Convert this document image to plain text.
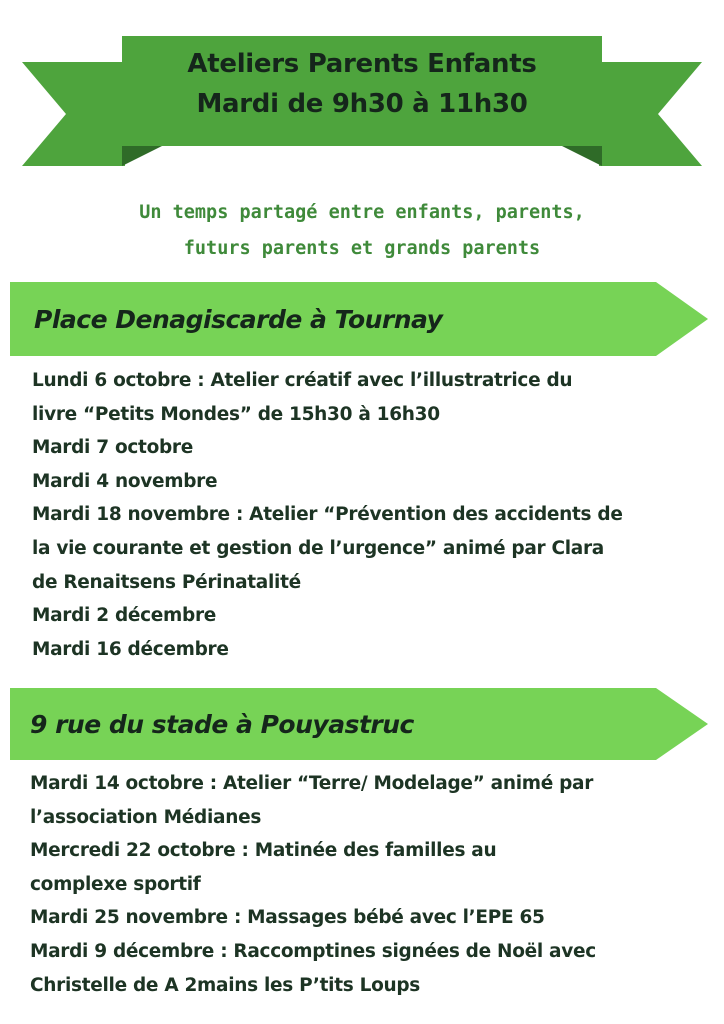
Ateliers Parents Enfants
Mardi de 9h30 à 11h30
Un temps partagé entre enfants, parents,
futurs parents et grands parents
Place Denagiscarde à Tournay
Lundi 6 octobre : Atelier créatif avec l’illustratrice du
livre “Petits Mondes” de 15h30 à 16h30
Mardi 7 octobre
Mardi 4 novembre
Mardi 18 novembre : Atelier “Prévention des accidents de
la vie courante et gestion de l’urgence” animé par Clara
de Renaitsens Périnatalité
Mardi 2 décembre
Mardi 16 décembre
9 rue du stade à Pouyastruc
Mardi 14 octobre : Atelier “Terre/ Modelage” animé par
l’association Médianes
Mercredi 22 octobre : Matinée des familles au
complexe sportif
Mardi 25 novembre : Massages bébé avec l’EPE 65
Mardi 9 décembre : Raccomptines signées de Noël avec
Christelle de A 2mains les P’tits Loups
